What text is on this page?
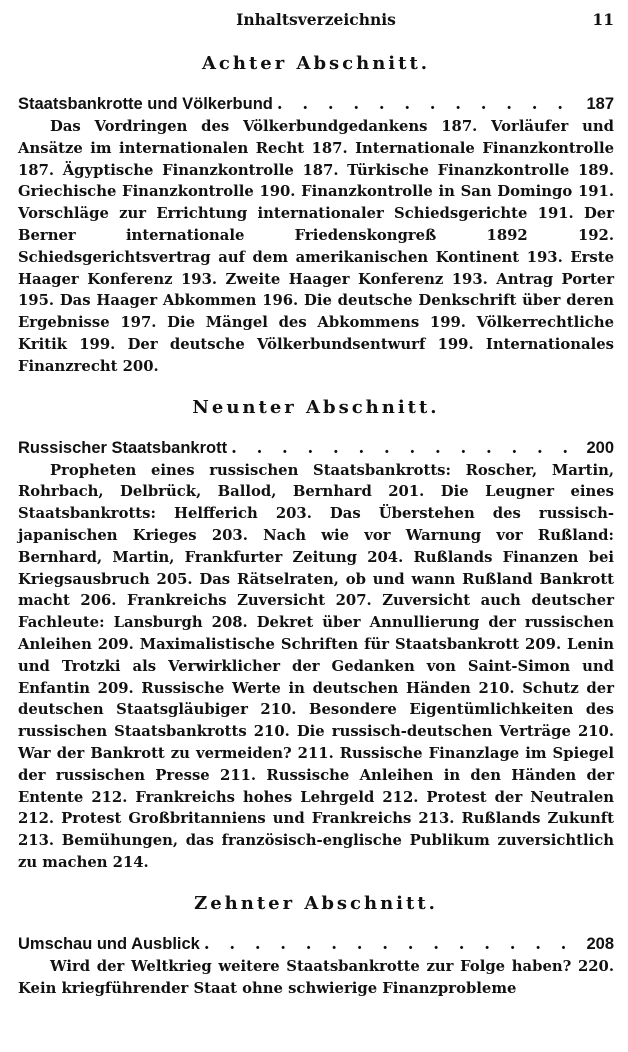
Inhaltsverzeichnis	11
Achter Abschnitt.
Staatsbankrotte und Völkerbund . . .	187

Das Vordringen des Völkerbundgedankens 187. Vorläufer und Ansätze im internationalen Recht 187. Internationale Finanzkontrolle 187. Ägyptische Finanzkontrolle 187. Türkische Finanzkontrolle 189. Griechische Finanzkontrolle 190. Finanzkontrolle in San Domingo 191. Vorschläge zur Errichtung internationaler Schiedsgerichte 191. Der Berner internationale Friedenskongreß 1892 192. Schiedsgerichtsvertrag auf dem amerikanischen Kontinent 193. Erste Haager Konferenz 193. Zweite Haager Konferenz 193. Antrag Porter 195. Das Haager Abkommen 196. Die deutsche Denkschrift über deren Ergebnisse 197. Die Mängel des Abkommens 199. Völkerrechtliche Kritik 199. Der deutsche Völkerbundsentwurf 199. Internationales Finanzrecht 200.

Neunter Abschnitt.
Russischer Staatsbankrott . . .	200

Propheten eines russischen Staatsbankrotts: Roscher, Martin, Rohrbach, Delbrück, Ballod, Bernhard 201. Die Leugner eines Staatsbankrotts: Helfferich 203. Das Überstehen des russisch-japanischen Krieges 203. Nach wie vor Warnung vor Rußland: Bernhard, Martin, Frankfurter Zeitung 204. Rußlands Finanzen bei Kriegsausbruch 205. Das Rätselraten, ob und wann Rußland Bankrott macht 206. Frankreichs Zuversicht 207. Zuversicht auch deutscher Fachleute: Lansburgh 208. Dekret über Annullierung der russischen Anleihen 209. Maximalistische Schriften für Staatsbankrott 209. Lenin und Trotzki als Verwirklicher der Gedanken von Saint-Simon und Enfantin 209. Russische Werte in deutschen Händen 210. Schutz der deutschen Staatsgläubiger 210. Besondere Eigentümlichkeiten des russischen Staatsbankrotts 210. Die russisch-deutschen Verträge 210. War der Bankrott zu vermeiden? 211. Russische Finanzlage im Spiegel der russischen Presse 211. Russische Anleihen in den Händen der Entente 212. Frankreichs hohes Lehrgeld 212. Protest der Neutralen 212. Protest Großbritanniens und Frankreichs 213. Rußlands Zukunft 213. Bemühungen, das französisch-englische Publikum zuversichtlich zu machen 214.

Zehnter Abschnitt.
Umschau und Ausblick . . .	208

Wird der Weltkrieg weitere Staatsbankrotte zur Folge haben? 220. Kein kriegführender Staat ohne schwierige Finanzprobleme
